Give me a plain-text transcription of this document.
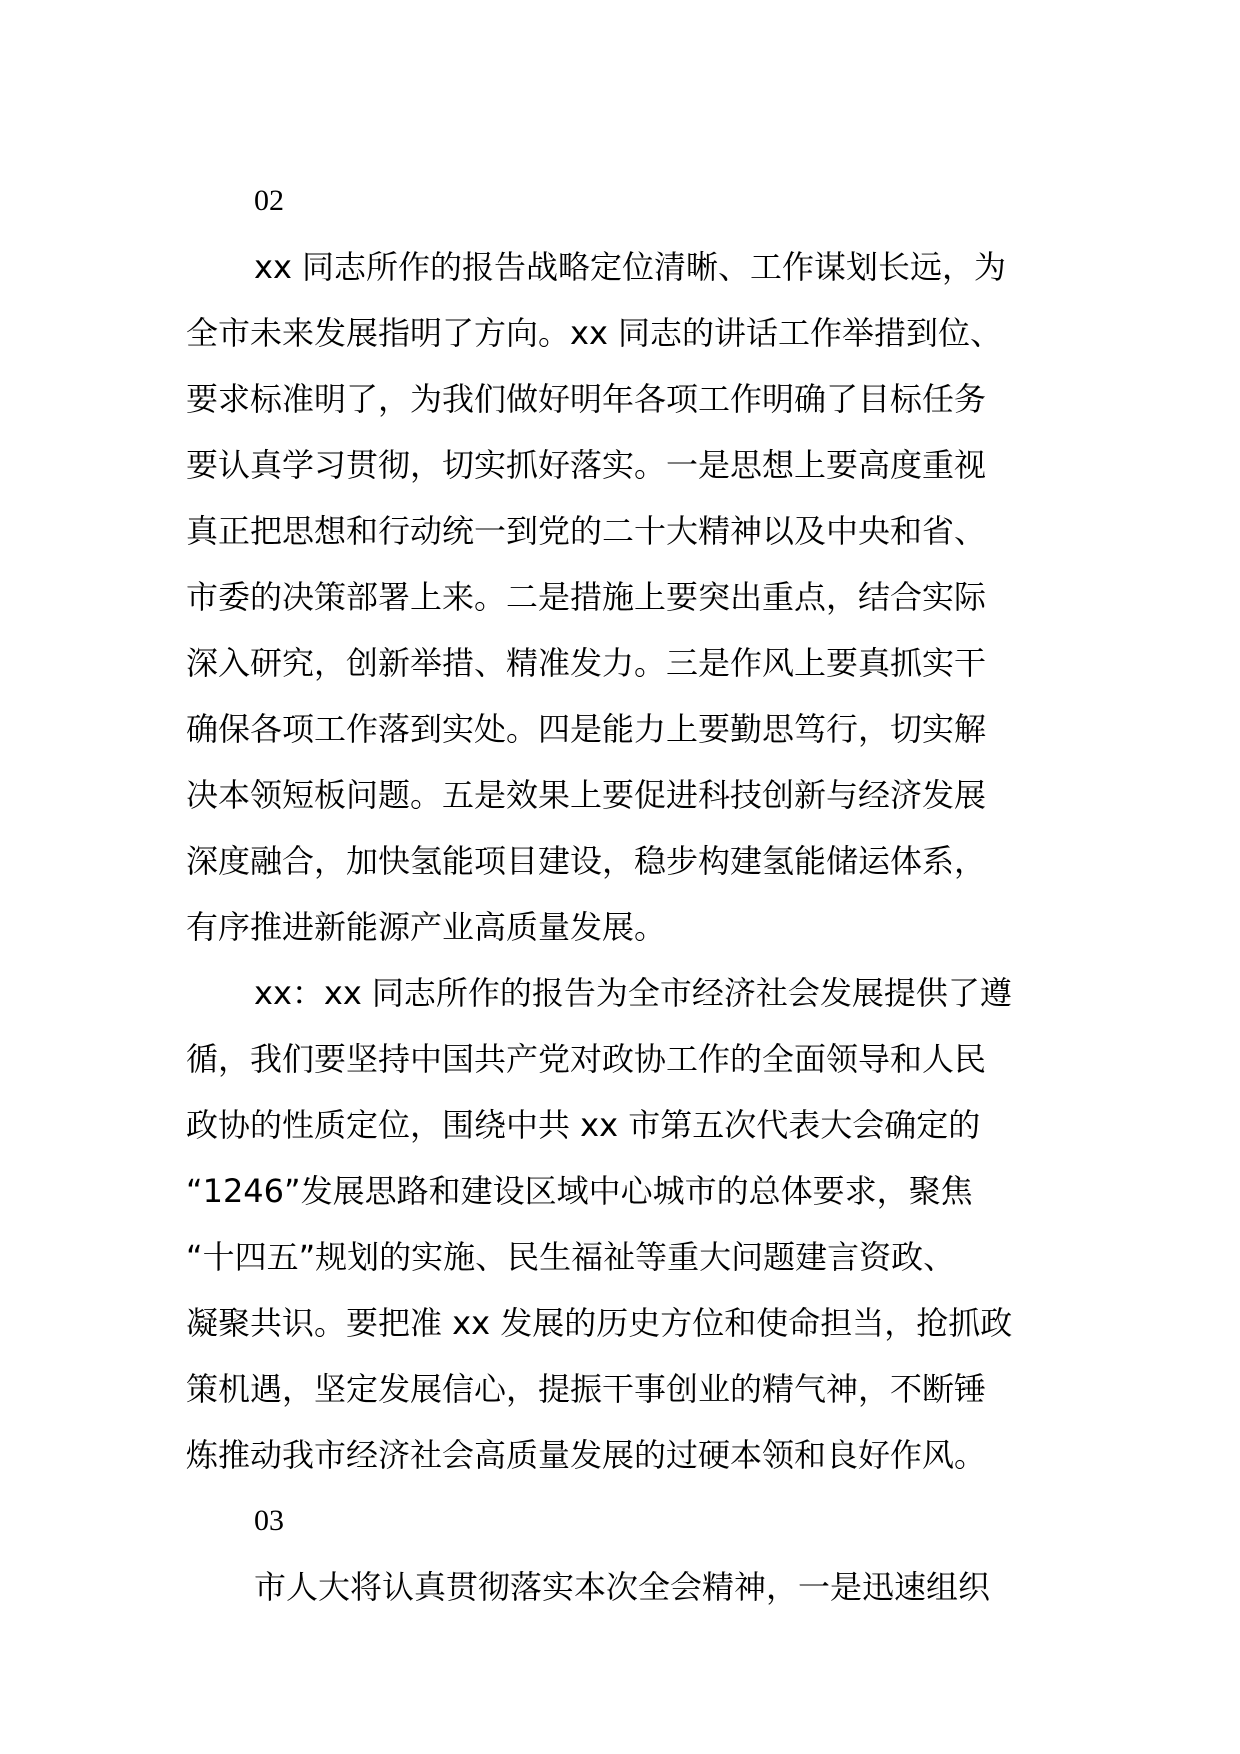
02
xx 同志所作的报告战略定位清晰、工作谋划长远，为
全市未来发展指明了方向。xx 同志的讲话工作举措到位、
要求标准明了，为我们做好明年各项工作明确了目标任务
要认真学习贯彻，切实抓好落实。一是思想上要高度重视
真正把思想和行动统一到党的二十大精神以及中央和省、
市委的决策部署上来。二是措施上要突出重点，结合实际
深入研究，创新举措、精准发力。三是作风上要真抓实干
确保各项工作落到实处。四是能力上要勤思笃行，切实解
决本领短板问题。五是效果上要促进科技创新与经济发展
深度融合，加快氢能项目建设，稳步构建氢能储运体系，
有序推进新能源产业高质量发展。
xx：xx 同志所作的报告为全市经济社会发展提供了遵
循，我们要坚持中国共产党对政协工作的全面领导和人民
政协的性质定位，围绕中共 xx 市第五次代表大会确定的
“1246”发展思路和建设区域中心城市的总体要求，聚焦
“十四五”规划的实施、民生福祉等重大问题建言资政、
凝聚共识。要把准 xx 发展的历史方位和使命担当，抢抓政
策机遇，坚定发展信心，提振干事创业的精气神，不断锤
炼推动我市经济社会高质量发展的过硬本领和良好作风。
03
市人大将认真贯彻落实本次全会精神，一是迅速组织
